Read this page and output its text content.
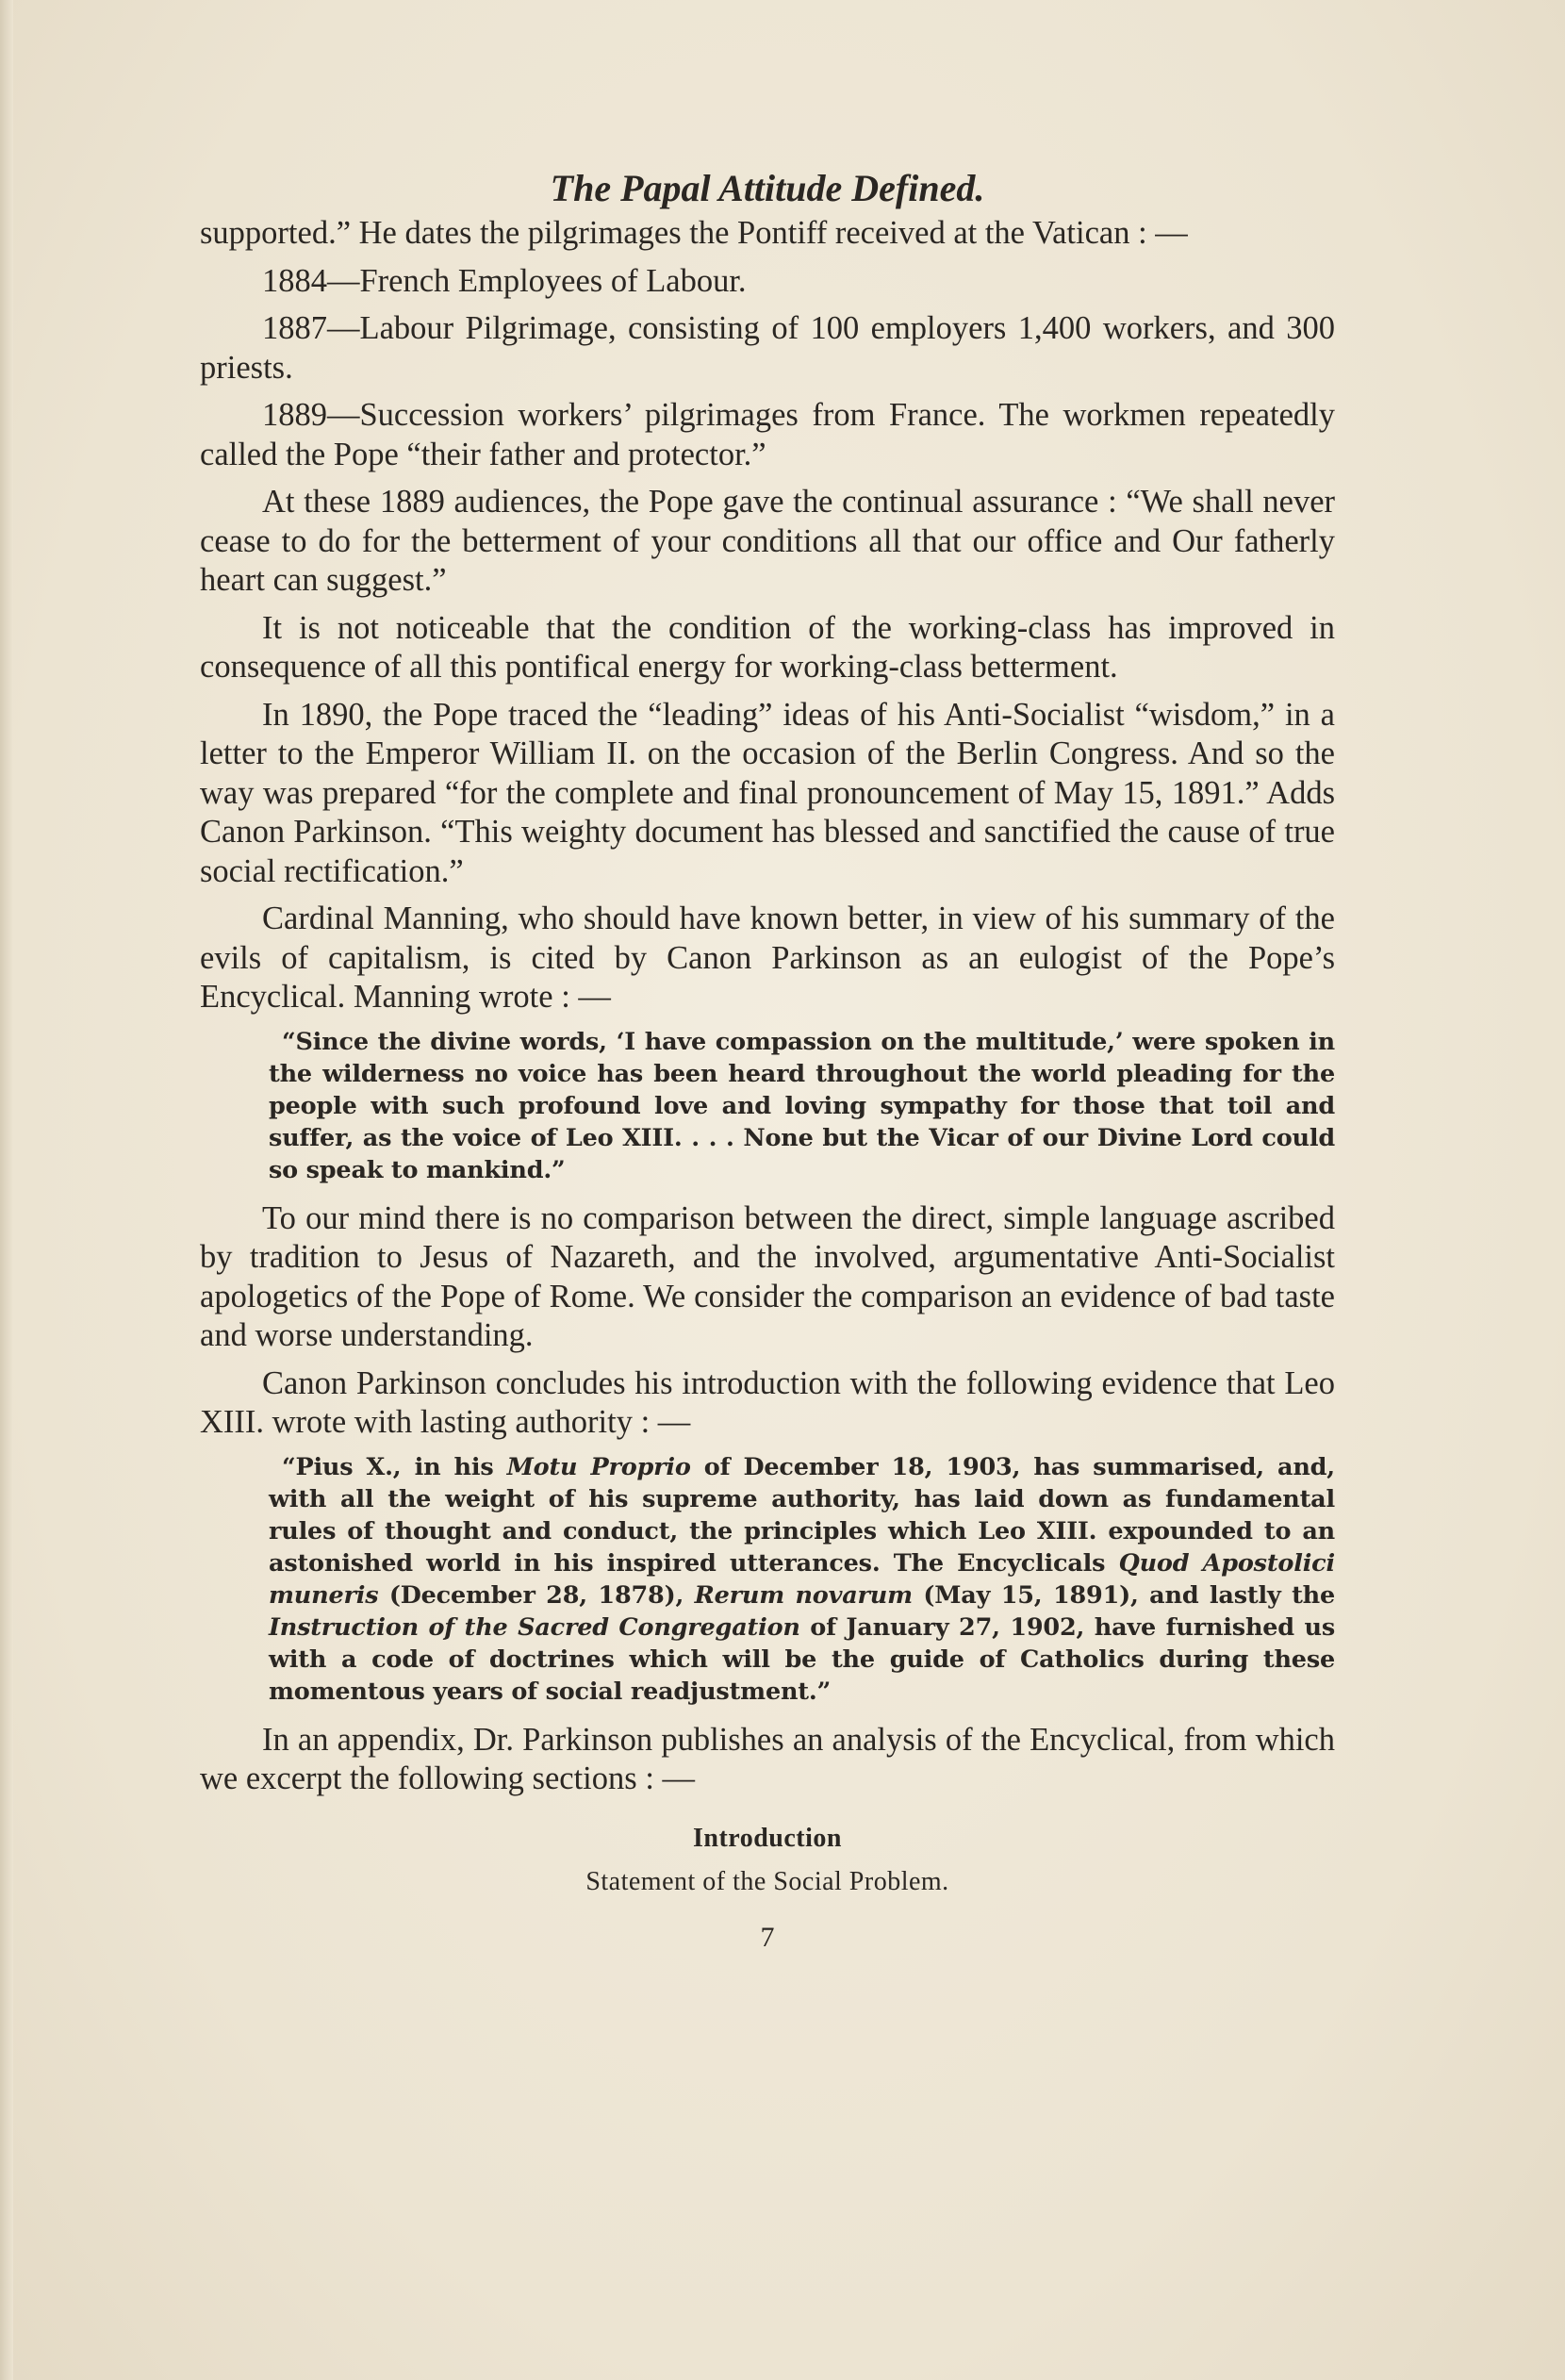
The Papal Attitude Defined.

supported.” He dates the pilgrimages the Pontiff received at the Vatican : —

1884—French Employees of Labour.

1887—Labour Pilgrimage, consisting of 100 employers 1,400 workers, and 300 priests.

1889—Succession workers’ pilgrimages from France. The workmen repeatedly called the Pope “their father and protector.”

At these 1889 audiences, the Pope gave the continual assurance : “We shall never cease to do for the betterment of your conditions all that our office and Our fatherly heart can suggest.”

It is not noticeable that the condition of the working-class has improved in consequence of all this pontifical energy for working-class betterment.

In 1890, the Pope traced the “leading” ideas of his Anti-Socialist “wisdom,” in a letter to the Emperor William II. on the occasion of the Berlin Congress. And so the way was prepared “for the complete and final pronouncement of May 15, 1891.” Adds Canon Parkinson. “This weighty document has blessed and sanctified the cause of true social rectification.”

Cardinal Manning, who should have known better, in view of his summary of the evils of capitalism, is cited by Canon Parkinson as an eulogist of the Pope’s Encyclical. Manning wrote : —

“Since the divine words, ‘I have compassion on the multitude,’ were spoken in the wilderness no voice has been heard throughout the world pleading for the people with such profound love and loving sympathy for those that toil and suffer, as the voice of Leo XIII. . . . None but the Vicar of our Divine Lord could so speak to mankind.”

To our mind there is no comparison between the direct, simple language ascribed by tradition to Jesus of Nazareth, and the involved, argumentative Anti-Socialist apologetics of the Pope of Rome. We consider the comparison an evidence of bad taste and worse understanding.

Canon Parkinson concludes his introduction with the following evidence that Leo XIII. wrote with lasting authority : —

“Pius X., in his Motu Proprio of December 18, 1903, has summarised, and, with all the weight of his supreme authority, has laid down as fundamental rules of thought and conduct, the principles which Leo XIII. expounded to an astonished world in his inspired utterances. The Encyclicals Quod Apostolici muneris (December 28, 1878), Rerum novarum (May 15, 1891), and lastly the Instruction of the Sacred Congregation of January 27, 1902, have furnished us with a code of doctrines which will be the guide of Catholics during these momentous years of social readjustment.”

In an appendix, Dr. Parkinson publishes an analysis of the Encyclical, from which we excerpt the following sections : —

Introduction
Statement of the Social Problem.
7
